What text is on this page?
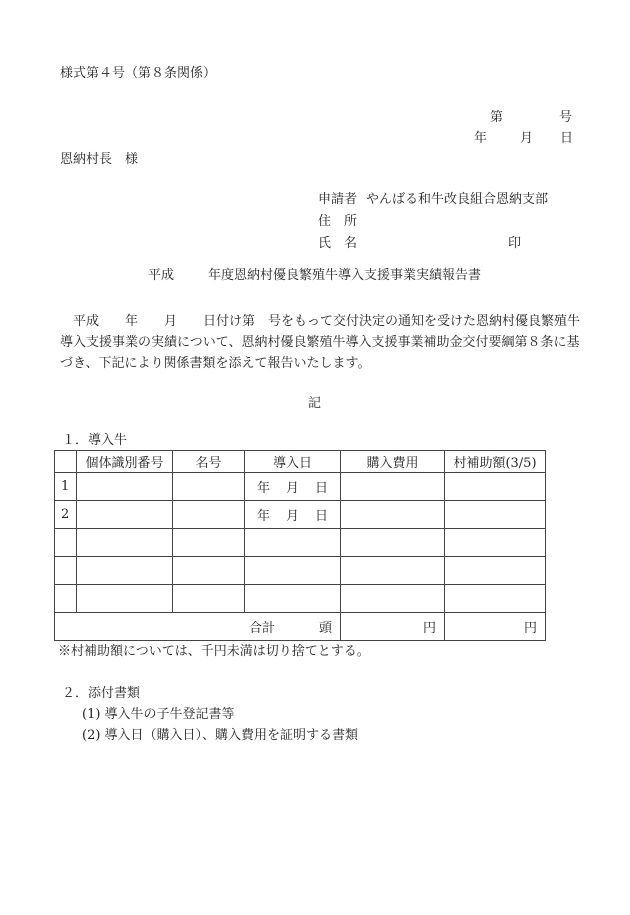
様式第４号（第８条関係）
第	号
年	月 日
恩納村長　様
申請者 やんばる和牛改良組合恩納支部
住　所
氏　名	印
平成	年度恩納村優良繁殖牛導入支援事業実績報告書
　平成　　年　　月　　日付け第　号をもって交付決定の通知を受けた恩納村優良繁殖牛導入支援事業の実績について、恩納村優良繁殖牛導入支援事業補助金交付要綱第８条に基づき、下記により関係書類を添えて報告いたします。
記
１．導入牛
	個体識別番号	名号	導入日	購入費用	村補助額(3/5)
1			年 月 日		
2			年 月 日		

合計 頭				円	円
※村補助額については、千円未満は切り捨てとする。
２．添付書類
(1) 導入牛の子牛登記書等
(2) 導入日（購入日）、購入費用を証明する書類
